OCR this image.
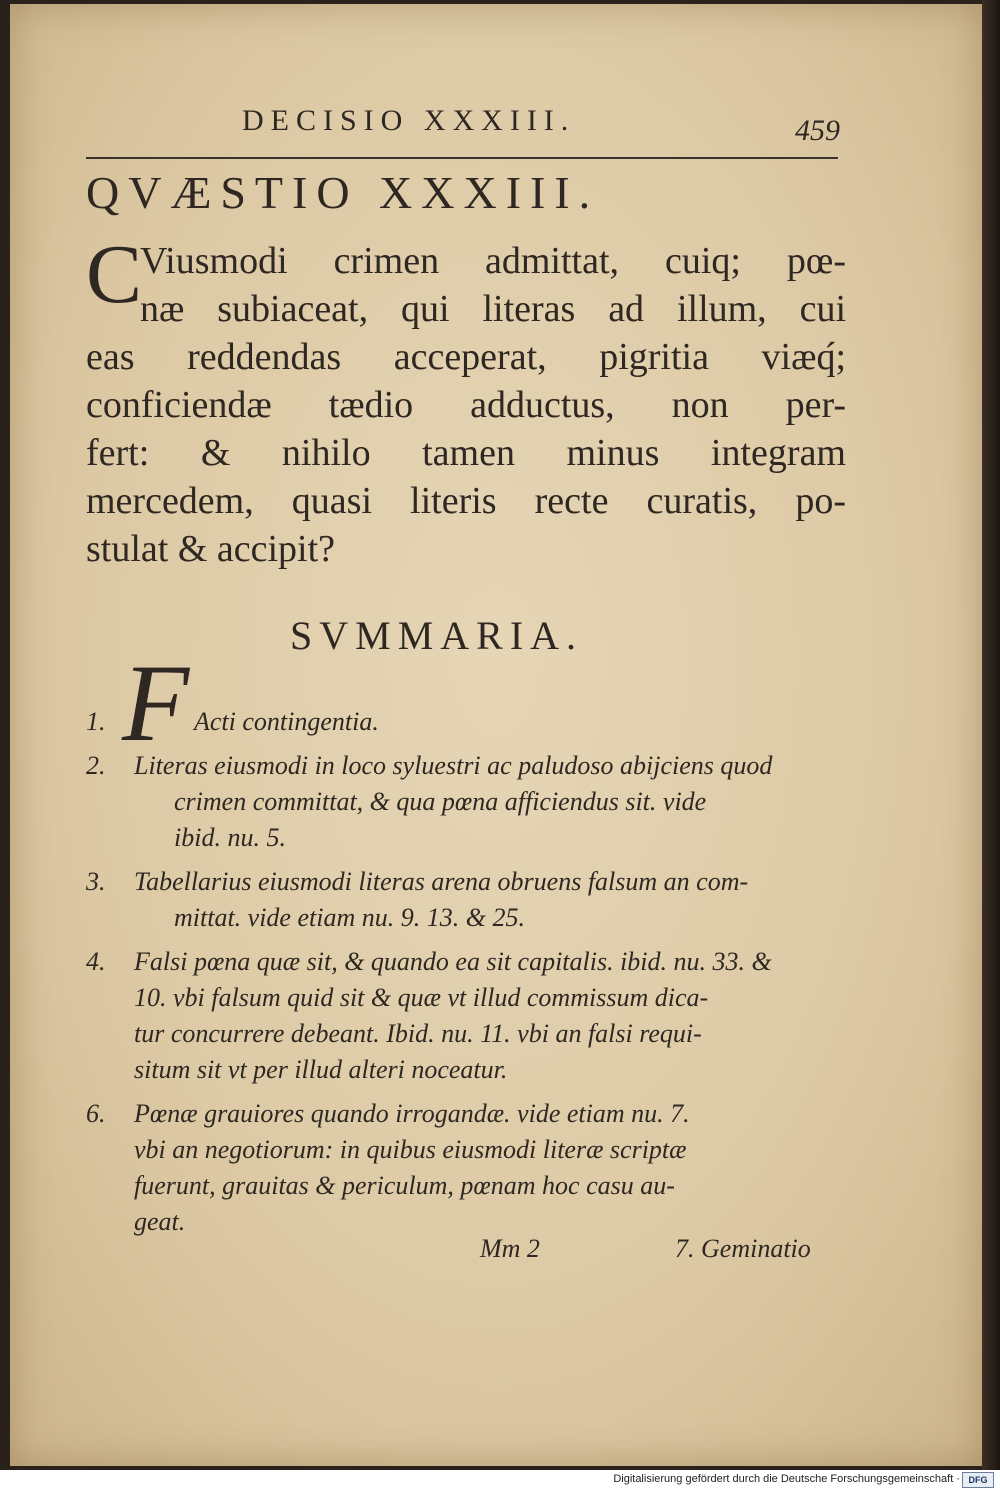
DECISIO XXXIII.	459
QVÆSTIO XXXIII.
C
Viusmodi crimen admittat, cuiq; pœ-
næ subiaceat, qui literas ad illum, cui
eas reddendas acceperat, pigritia viæq́;
conficiendæ tædio adductus, non per-
fert: & nihilo tamen minus integram
mercedem, quasi literis recte curatis, po-
stulat & accipit?
SVMMARIA.
F
1.	Acti contingentia.
2. Literas eiusmodi in loco syluestri ac paludoso abijciens quod
crimen committat, & qua pœna afficiendus sit. vide
ibid. nu. 5.
3. Tabellarius eiusmodi literas arena obruens falsum an com-
mittat. vide etiam nu. 9. 13. & 25.
4. Falsi pœna quæ sit, & quando ea sit capitalis. ibid. nu. 33. &
10. vbi falsum quid sit & quæ vt illud commissum dica-
tur concurrere debeant. Ibid. nu. 11. vbi an falsi requi-
situm sit vt per illud alteri noceatur.
6. Pœnæ grauiores quando irrogandæ. vide etiam nu. 7.
vbi an negotiorum: in quibus eiusmodi literæ scriptæ
fuerunt, grauitas & periculum, pœnam hoc casu au-
geat.
Mm 2	7. Geminatio
Digitalisierung gefördert durch die Deutsche Forschungsgemeinschaft · DFG
